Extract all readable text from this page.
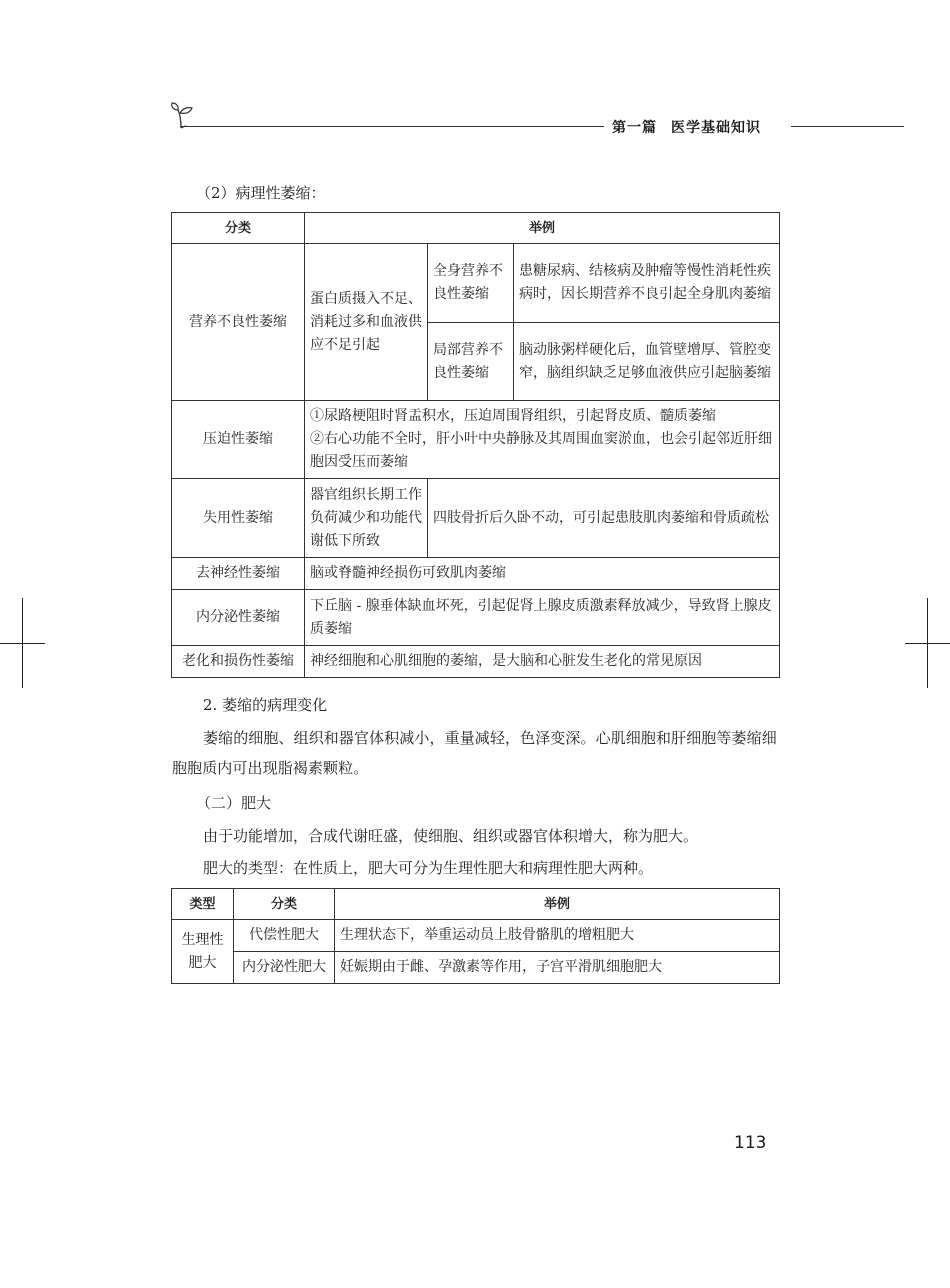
第一篇 医学基础知识
（2）病理性萎缩：
分类	举例		
营养不良性萎缩	蛋白质摄入不足、消耗过多和血液供应不足引起	全身营养不良性萎缩	患糖尿病、结核病及肿瘤等慢性消耗性疾病时，因长期营养不良引起全身肌肉萎缩
		局部营养不良性萎缩	脑动脉粥样硬化后，血管壁增厚、管腔变窄，脑组织缺乏足够血液供应引起脑萎缩
压迫性萎缩	①尿路梗阻时肾盂积水，压迫周围肾组织，引起肾皮质、髓质萎缩
②右心功能不全时，肝小叶中央静脉及其周围血窦淤血，也会引起邻近肝细胞因受压而萎缩		

失用性萎缩	器官组织长期工作负荷减少和功能代谢低下所致	四肢骨折后久卧不动，可引起患肢肌肉萎缩和骨质疏松	
去神经性萎缩	脑或脊髓神经损伤可致肌肉萎缩		
内分泌性萎缩	下丘脑 - 腺垂体缺血坏死，引起促肾上腺皮质激素释放减少，导致肾上腺皮质萎缩		
老化和损伤性萎缩	神经细胞和心肌细胞的萎缩，是大脑和心脏发生老化的常见原因		
2. 萎缩的病理变化
萎缩的细胞、组织和器官体积减小，重量减轻，色泽变深。心肌细胞和肝细胞等萎缩细胞胞质内可出现脂褐素颗粒。
（二）肥大
由于功能增加，合成代谢旺盛，使细胞、组织或器官体积增大，称为肥大。
肥大的类型：在性质上，肥大可分为生理性肥大和病理性肥大两种。
类型	分类	举例
生理性肥大	代偿性肥大	生理状态下，举重运动员上肢骨骼肌的增粗肥大
	内分泌性肥大	妊娠期由于雌、孕激素等作用，子宫平滑肌细胞肥大
113
